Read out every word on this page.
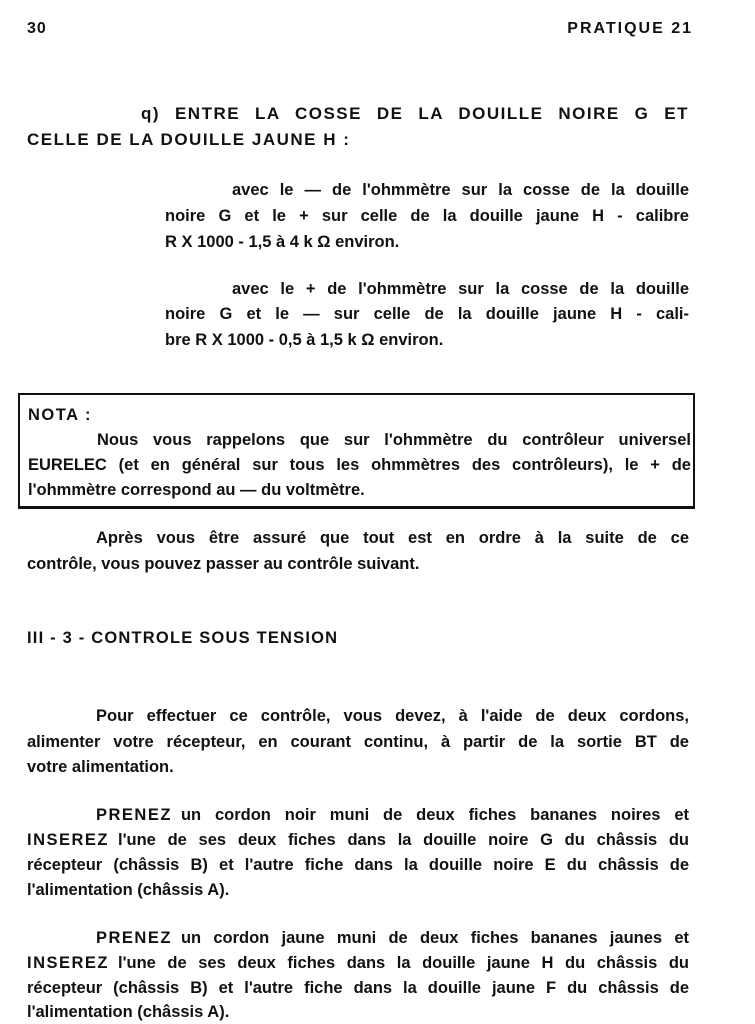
30	PRATIQUE 21
q) ENTRE LA COSSE DE LA DOUILLE NOIRE G ET
CELLE DE LA DOUILLE JAUNE H :
avec le — de l'ohmmètre sur la cosse de la douille
noire G et le + sur celle de la douille jaune H - calibre
R X 1000 - 1,5 à 4 k Ω environ.
avec le + de l'ohmmètre sur la cosse de la douille
noire G et le — sur celle de la douille jaune H - cali-
bre R X 1000 - 0,5 à 1,5 k Ω environ.
NOTA :
Nous vous rappelons que sur l'ohmmètre du contrôleur universel
EURELEC (et en général sur tous les ohmmètres des contrôleurs), le + de
l'ohmmètre correspond au — du voltmètre.
Après vous être assuré que tout est en ordre à la suite de ce
contrôle, vous pouvez passer au contrôle suivant.
III - 3 - CONTROLE SOUS TENSION
Pour effectuer ce contrôle, vous devez, à l'aide de deux cordons,
alimenter votre récepteur, en courant continu, à partir de la sortie BT de
votre alimentation.
PRENEZ un cordon noir muni de deux fiches bananes noires et
INSEREZ l'une de ses deux fiches dans la douille noire G du châssis du
récepteur (châssis B) et l'autre fiche dans la douille noire E du châssis de
l'alimentation (châssis A).
PRENEZ un cordon jaune muni de deux fiches bananes jaunes et
INSEREZ l'une de ses deux fiches dans la douille jaune H du châssis du
récepteur (châssis B) et l'autre fiche dans la douille jaune F du châssis de
l'alimentation (châssis A).
